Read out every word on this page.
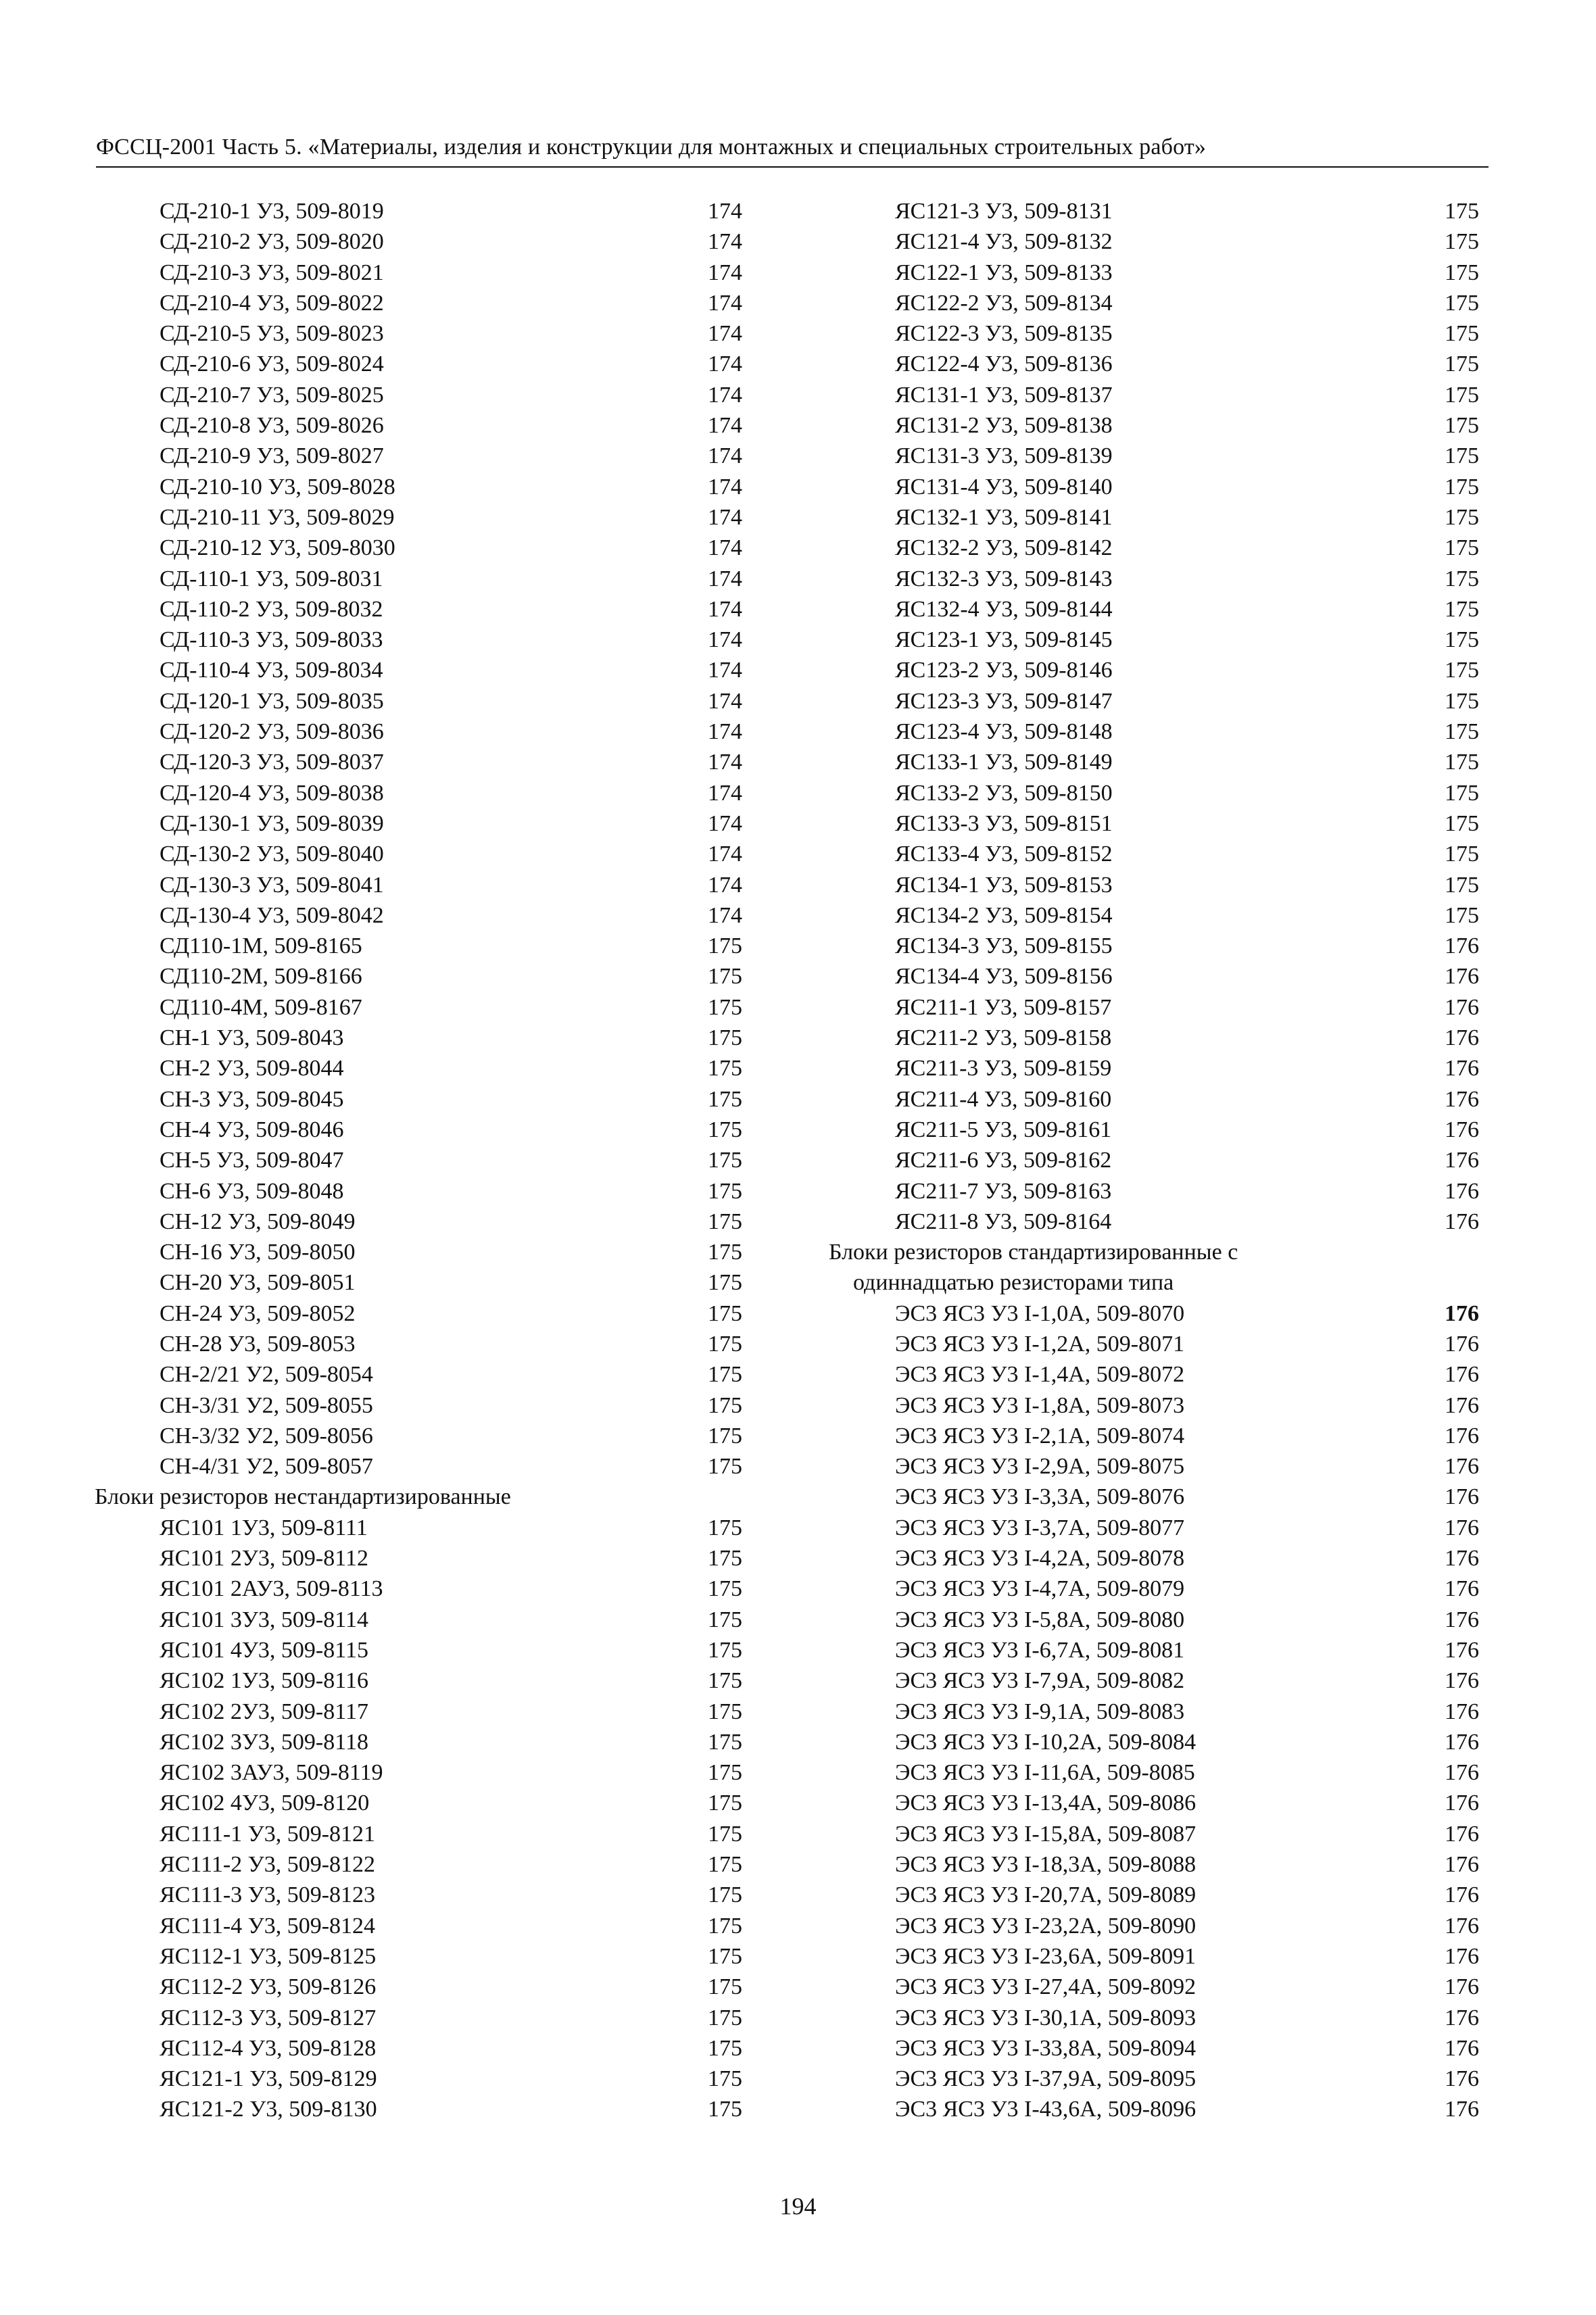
ФССЦ-2001 Часть 5. «Материалы, изделия и конструкции для монтажных и специальных строительных работ»
СД-210-1 У3, 509-8019 .....	174
СД-210-2 У3, 509-8020 .....	174
СД-210-3 У3, 509-8021 .....	174
СД-210-4 У3, 509-8022 .....	174
СД-210-5 У3, 509-8023 .....	174
СД-210-6 У3, 509-8024 .....	174
СД-210-7 У3, 509-8025 .....	174
СД-210-8 У3, 509-8026 .....	174
СД-210-9 У3, 509-8027 .....	174
СД-210-10 У3, 509-8028 .....	174
СД-210-11 У3, 509-8029 .....	174
СД-210-12 У3, 509-8030 .....	174
СД-110-1 У3, 509-8031 .....	174
СД-110-2 У3, 509-8032 .....	174
СД-110-3 У3, 509-8033 .....	174
СД-110-4 У3, 509-8034 .....	174
СД-120-1 У3, 509-8035 .....	174
СД-120-2 У3, 509-8036 .....	174
СД-120-3 У3, 509-8037 .....	174
СД-120-4 У3, 509-8038 .....	174
СД-130-1 У3, 509-8039 .....	174
СД-130-2 У3, 509-8040 .....	174
СД-130-3 У3, 509-8041 .....	174
СД-130-4 У3, 509-8042 .....	174
СД110-1М, 509-8165 .....	175
СД110-2М, 509-8166 .....	175
СД110-4М, 509-8167 .....	175
СН-1 У3, 509-8043 .....	175
СН-2 У3, 509-8044 .....	175
СН-3 У3, 509-8045 .....	175
СН-4 У3, 509-8046 .....	175
СН-5 У3, 509-8047 .....	175
СН-6 У3, 509-8048 .....	175
СН-12 У3, 509-8049 .....	175
СН-16 У3, 509-8050 .....	175
СН-20 У3, 509-8051 .....	175
СН-24 У3, 509-8052 .....	175
СН-28 У3, 509-8053 .....	175
СН-2/21 У2, 509-8054 .....	175
СН-3/31 У2, 509-8055 .....	175
СН-3/32 У2, 509-8056 .....	175
СН-4/31 У2, 509-8057 .....	175
Блоки резисторов нестандартизированные
ЯС101 1У3, 509-8111 .....	175
ЯС101 2У3, 509-8112 .....	175
ЯС101 2АУ3, 509-8113 .....	175
ЯС101 3У3, 509-8114 .....	175
ЯС101 4У3, 509-8115 .....	175
ЯС102 1У3, 509-8116 .....	175
ЯС102 2У3, 509-8117 .....	175
ЯС102 3У3, 509-8118 .....	175
ЯС102 3АУ3, 509-8119 .....	175
ЯС102 4У3, 509-8120 .....	175
ЯС111-1 У3, 509-8121 .....	175
ЯС111-2 У3, 509-8122 .....	175
ЯС111-3 У3, 509-8123 .....	175
ЯС111-4 У3, 509-8124 .....	175
ЯС112-1 У3, 509-8125 .....	175
ЯС112-2 У3, 509-8126 .....	175
ЯС112-3 У3, 509-8127 .....	175
ЯС112-4 У3, 509-8128 .....	175
ЯС121-1 У3, 509-8129 .....	175
ЯС121-2 У3, 509-8130 .....	175
ЯС121-3 У3, 509-8131 .....	175
ЯС121-4 У3, 509-8132 .....	175
ЯС122-1 У3, 509-8133 .....	175
ЯС122-2 У3, 509-8134 .....	175
ЯС122-3 У3, 509-8135 .....	175
ЯС122-4 У3, 509-8136 .....	175
ЯС131-1 У3, 509-8137 .....	175
ЯС131-2 У3, 509-8138 .....	175
ЯС131-3 У3, 509-8139 .....	175
ЯС131-4 У3, 509-8140 .....	175
ЯС132-1 У3, 509-8141 .....	175
ЯС132-2 У3, 509-8142 .....	175
ЯС132-3 У3, 509-8143 .....	175
ЯС132-4 У3, 509-8144 .....	175
ЯС123-1 У3, 509-8145 .....	175
ЯС123-2 У3, 509-8146 .....	175
ЯС123-3 У3, 509-8147 .....	175
ЯС123-4 У3, 509-8148 .....	175
ЯС133-1 У3, 509-8149 .....	175
ЯС133-2 У3, 509-8150 .....	175
ЯС133-3 У3, 509-8151 .....	175
ЯС133-4 У3, 509-8152 .....	175
ЯС134-1 У3, 509-8153 .....	175
ЯС134-2 У3, 509-8154 .....	175
ЯС134-3 У3, 509-8155 .....	176
ЯС134-4 У3, 509-8156 .....	176
ЯС211-1 У3, 509-8157 .....	176
ЯС211-2 У3, 509-8158 .....	176
ЯС211-3 У3, 509-8159 .....	176
ЯС211-4 У3, 509-8160 .....	176
ЯС211-5 У3, 509-8161 .....	176
ЯС211-6 У3, 509-8162 .....	176
ЯС211-7 У3, 509-8163 .....	176
ЯС211-8 У3, 509-8164 .....	176
Блоки резисторов стандартизированные с
одиннадцатью резисторами типа
ЭС3 ЯС3 У3 I-1,0А, 509-8070 .....	176
ЭС3 ЯС3 У3 I-1,2А, 509-8071 .....	176
ЭС3 ЯС3 У3 I-1,4А, 509-8072 .....	176
ЭС3 ЯС3 У3 I-1,8А, 509-8073 .....	176
ЭС3 ЯС3 У3 I-2,1А, 509-8074 .....	176
ЭС3 ЯС3 У3 I-2,9А, 509-8075 .....	176
ЭС3 ЯС3 У3 I-3,3А, 509-8076 .....	176
ЭС3 ЯС3 У3 I-3,7А, 509-8077 .....	176
ЭС3 ЯС3 У3 I-4,2А, 509-8078 .....	176
ЭС3 ЯС3 У3 I-4,7А, 509-8079 .....	176
ЭС3 ЯС3 У3 I-5,8А, 509-8080 .....	176
ЭС3 ЯС3 У3 I-6,7А, 509-8081 .....	176
ЭС3 ЯС3 У3 I-7,9А, 509-8082 .....	176
ЭС3 ЯС3 У3 I-9,1А, 509-8083 .....	176
ЭС3 ЯС3 У3 I-10,2А, 509-8084 .....	176
ЭС3 ЯС3 У3 I-11,6А, 509-8085 .....	176
ЭС3 ЯС3 У3 I-13,4А, 509-8086 .....	176
ЭС3 ЯС3 У3 I-15,8А, 509-8087 .....	176
ЭС3 ЯС3 У3 I-18,3А, 509-8088 .....	176
ЭС3 ЯС3 У3 I-20,7А, 509-8089 .....	176
ЭС3 ЯС3 У3 I-23,2А, 509-8090 .....	176
ЭС3 ЯС3 У3 I-23,6А, 509-8091 .....	176
ЭС3 ЯС3 У3 I-27,4А, 509-8092 .....	176
ЭС3 ЯС3 У3 I-30,1А, 509-8093 .....	176
ЭС3 ЯС3 У3 I-33,8А, 509-8094 .....	176
ЭС3 ЯС3 У3 I-37,9А, 509-8095 .....	176
ЭС3 ЯС3 У3 I-43,6А, 509-8096 .....	176
194
